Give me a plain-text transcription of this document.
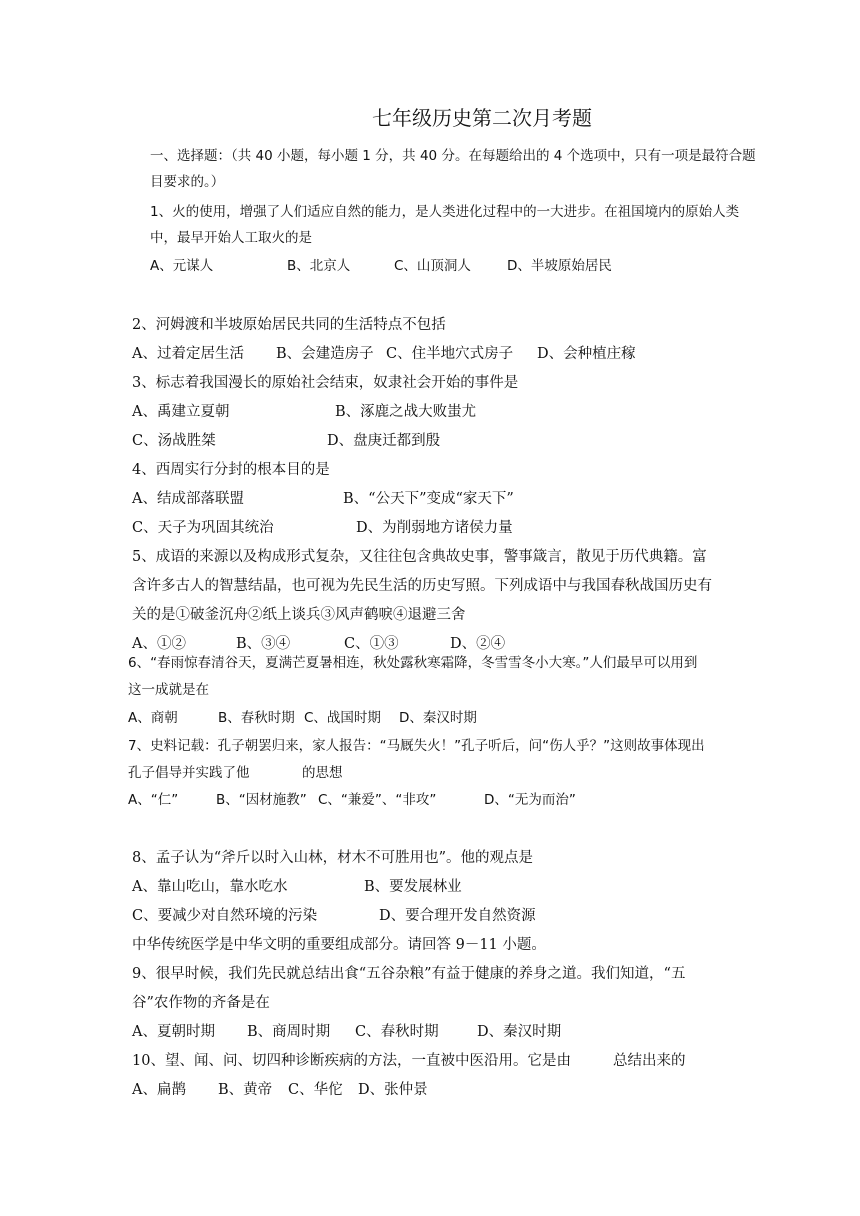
七年级历史第二次月考题
一、选择题：（共 40 小题，每小题 1 分，共 40 分。在每题给出的 4 个选项中，只有一项是最符合题
目要求的。）
1、火的使用，增强了人们适应自然的能力，是人类进化过程中的一大进步。在祖国境内的原始人类
中，最早开始人工取火的是
A、元谋人	B、北京人	C、山顶洞人	D、半坡原始居民
2、河姆渡和半坡原始居民共同的生活特点不包括
A、过着定居生活 B、会建造房子 C、住半地穴式房子 D、会种植庄稼
3、标志着我国漫长的原始社会结束，奴隶社会开始的事件是
A、禹建立夏朝	B、涿鹿之战大败蚩尤
C、汤战胜桀	D、盘庚迁都到殷
4、西周实行分封的根本目的是
A、结成部落联盟	B、“公天下”变成“家天下”
C、天子为巩固其统治	D、为削弱地方诸侯力量
5、成语的来源以及构成形式复杂，又往往包含典故史事，警事箴言，散见于历代典籍。富
含许多古人的智慧结晶，也可视为先民生活的历史写照。下列成语中与我国春秋战国历史有
关的是①破釜沉舟②纸上谈兵③风声鹤唳④退避三舍
A、①②	B、③④	C、①③	D、②④
6、“春雨惊春清谷天，夏满芒夏暑相连，秋处露秋寒霜降，冬雪雪冬小大寒。”人们最早可以用到
这一成就是在
A、商朝	B、春秋时期 C、战国时期 D、秦汉时期
7、史料记载：孔子朝罢归来，家人报告：“马厩失火！”孔子听后，问“伤人乎？”这则故事体现出
孔子倡导并实践了他	的思想
A、“仁”	B、“因材施教” C、“兼爱”、“非攻”	D、“无为而治”
8、孟子认为“斧斤以时入山林，材木不可胜用也”。他的观点是
A、靠山吃山，靠水吃水	B、要发展林业
C、要减少对自然环境的污染	D、要合理开发自然资源
中华传统医学是中华文明的重要组成部分。请回答 9－11 小题。
9、很早时候，我们先民就总结出食“五谷杂粮”有益于健康的养身之道。我们知道，“五
谷”农作物的齐备是在
A、夏朝时期 B、商周时期 C、春秋时期	D、秦汉时期
10、望、闻、问、切四种诊断疾病的方法，一直被中医沿用。它是由	总结出来的
A、扁鹊 B、黄帝 C、华佗 D、张仲景
